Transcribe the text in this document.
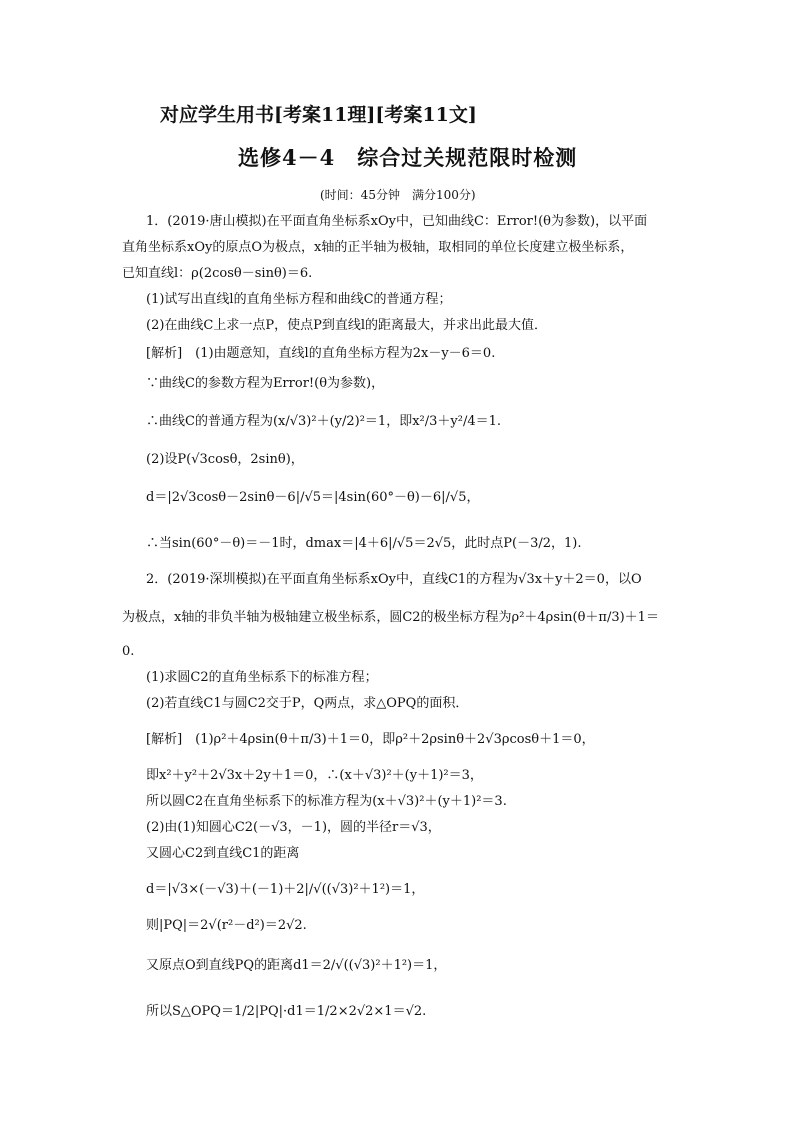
对应学生用书[考案11理][考案11文]
选修4－4　综合过关规范限时检测
(时间：45分钟　满分100分)
1．(2019·唐山模拟)在平面直角坐标系xOy中，已知曲线C：Error!(θ为参数)，以平面
直角坐标系xOy的原点O为极点，x轴的正半轴为极轴，取相同的单位长度建立极坐标系，
已知直线l：ρ(2cosθ－sinθ)＝6.
(1)试写出直线l的直角坐标方程和曲线C的普通方程；
(2)在曲线C上求一点P，使点P到直线l的距离最大，并求出此最大值．
[解析]　(1)由题意知，直线l的直角坐标方程为2x－y－6＝0.
∵曲线C的参数方程为Error!(θ为参数)，
∴曲线C的普通方程为(x/√3)²＋(y/2)²＝1，即x²/3＋y²/4＝1.
(2)设P(√3cosθ，2sinθ)，
d＝|2√3cosθ－2sinθ－6|/√5＝|4sin(60°－θ)－6|/√5，
∴当sin(60°－θ)＝－1时，dmax＝|4＋6|/√5＝2√5，此时点P(－3/2，1).
2．(2019·深圳模拟)在平面直角坐标系xOy中，直线C1的方程为√3x＋y＋2＝0，以O
为极点，x轴的非负半轴为极轴建立极坐标系，圆C2的极坐标方程为ρ²＋4ρsin(θ＋π/3)＋1＝
0.
(1)求圆C2的直角坐标系下的标准方程；
(2)若直线C1与圆C2交于P，Q两点，求△OPQ的面积．
[解析]　(1)ρ²＋4ρsin(θ＋π/3)＋1＝0，即ρ²＋2ρsinθ＋2√3ρcosθ＋1＝0，
即x²＋y²＋2√3x＋2y＋1＝0，∴(x＋√3)²＋(y＋1)²＝3，
所以圆C2在直角坐标系下的标准方程为(x＋√3)²＋(y＋1)²＝3.
(2)由(1)知圆心C2(－√3，－1)，圆的半径r＝√3，
又圆心C2到直线C1的距离
d＝|√3×(－√3)＋(－1)＋2|/√((√3)²＋1²)＝1，
则|PQ|＝2√(r²－d²)＝2√2.
又原点O到直线PQ的距离d1＝2/√((√3)²＋1²)＝1，
所以S△OPQ＝1/2|PQ|·d1＝1/2×2√2×1＝√2.
